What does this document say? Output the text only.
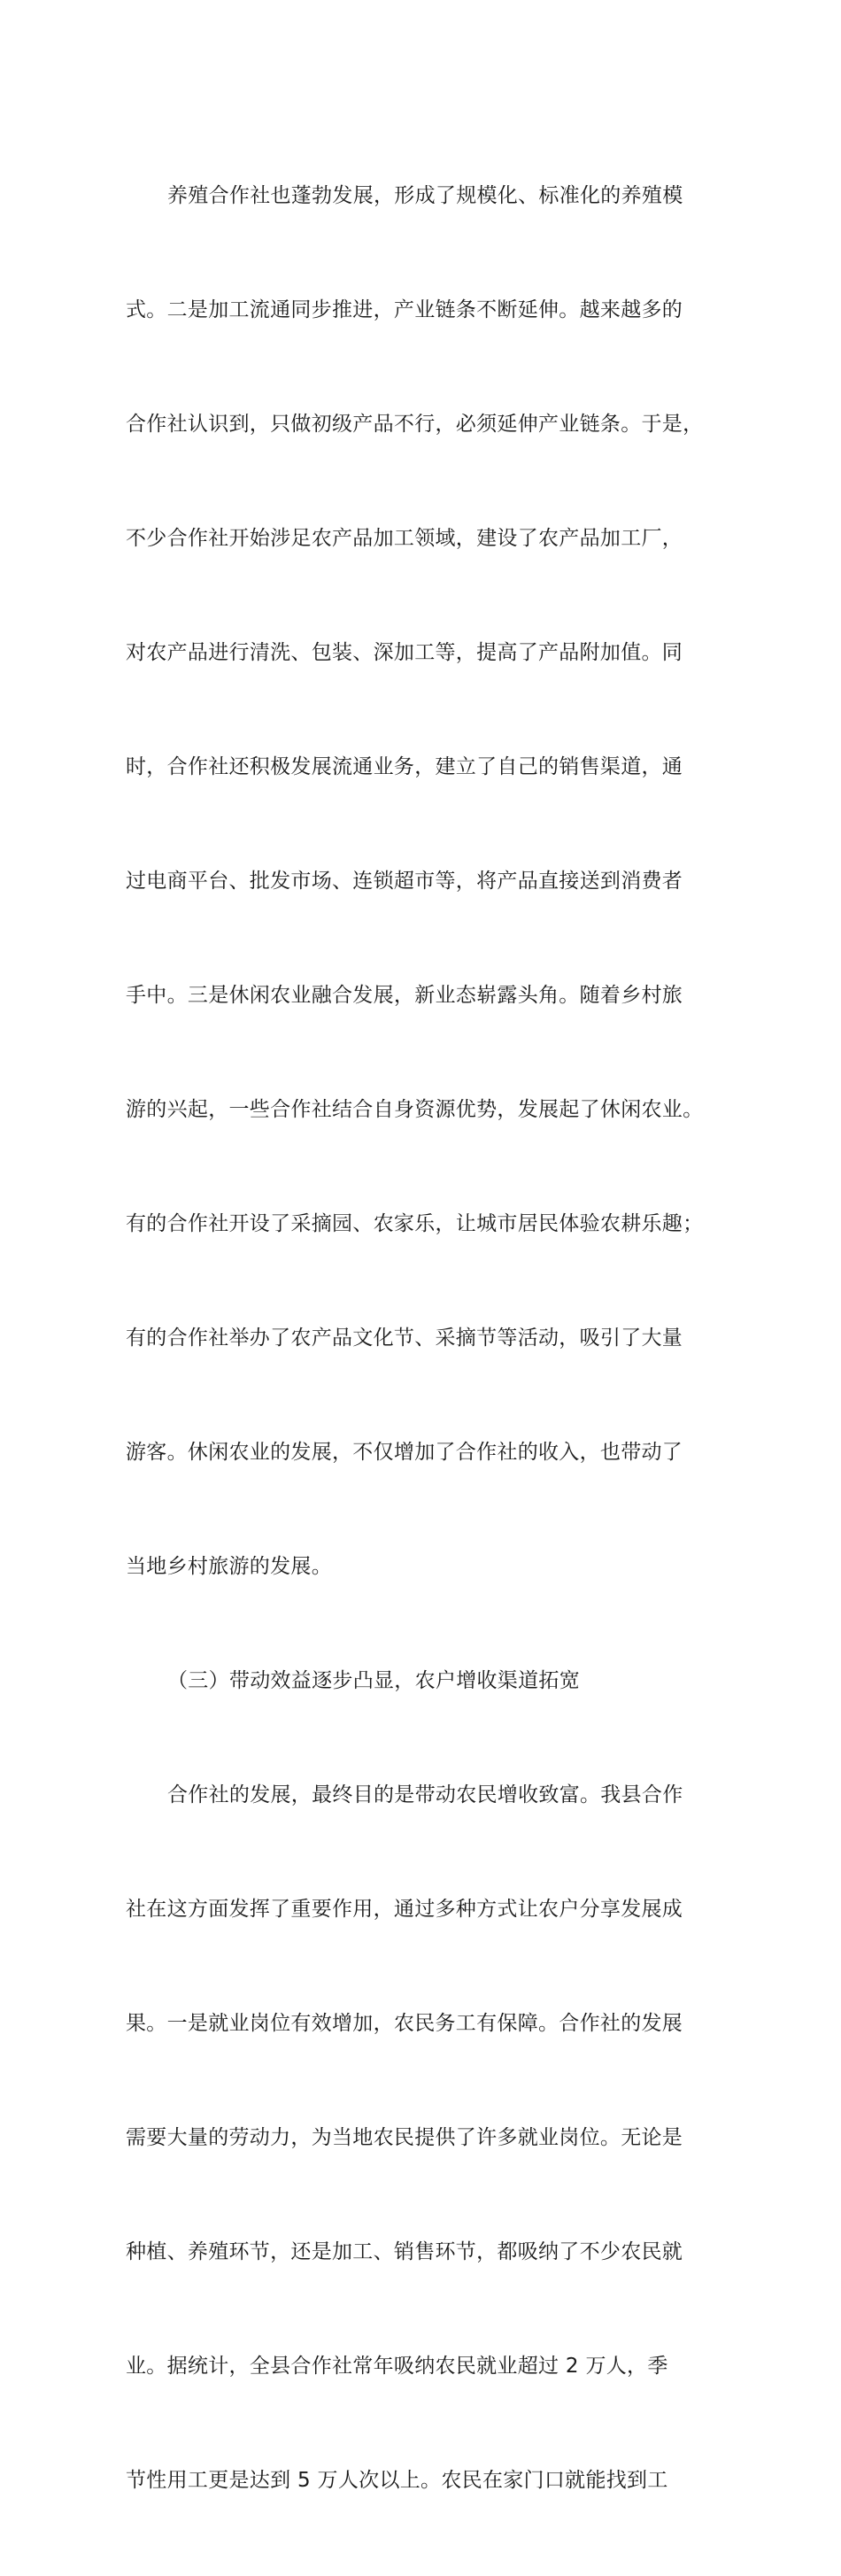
养殖合作社也蓬勃发展，形成了规模化、标准化的养殖模

式。二是加工流通同步推进，产业链条不断延伸。越来越多的

合作社认识到，只做初级产品不行，必须延伸产业链条。于是，

不少合作社开始涉足农产品加工领域，建设了农产品加工厂，

对农产品进行清洗、包装、深加工等，提高了产品附加值。同

时，合作社还积极发展流通业务，建立了自己的销售渠道，通

过电商平台、批发市场、连锁超市等，将产品直接送到消费者

手中。三是休闲农业融合发展，新业态崭露头角。随着乡村旅

游的兴起，一些合作社结合自身资源优势，发展起了休闲农业。

有的合作社开设了采摘园、农家乐，让城市居民体验农耕乐趣；

有的合作社举办了农产品文化节、采摘节等活动，吸引了大量

游客。休闲农业的发展，不仅增加了合作社的收入，也带动了

当地乡村旅游的发展。

（三）带动效益逐步凸显，农户增收渠道拓宽

合作社的发展，最终目的是带动农民增收致富。我县合作

社在这方面发挥了重要作用，通过多种方式让农户分享发展成

果。一是就业岗位有效增加，农民务工有保障。合作社的发展

需要大量的劳动力，为当地农民提供了许多就业岗位。无论是

种植、养殖环节，还是加工、销售环节，都吸纳了不少农民就

业。据统计，全县合作社常年吸纳农民就业超过 2 万人，季

节性用工更是达到 5 万人次以上。农民在家门口就能找到工
